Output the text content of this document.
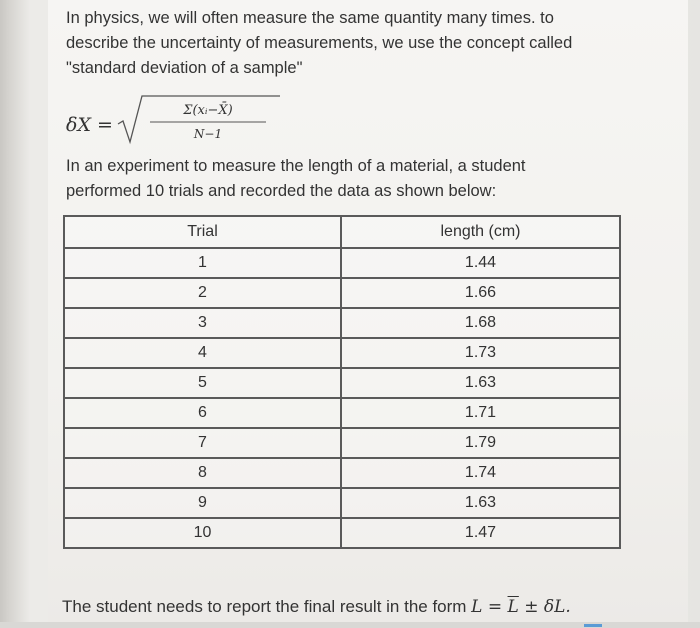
In physics, we will often measure the same quantity many times. to

describe the uncertainty of measurements, we use the concept called

"standard deviation of a sample"

δX =
Σ(xᵢ−X̄)
N−1

In an experiment to measure the length of a material, a student

performed 10 trials and recorded the data as shown below:

Trial	length (cm)
1	1.44
2	1.66
3	1.68
4	1.73
5	1.63
6	1.71
7	1.79
8	1.74
9	1.63
10	1.47
The student needs to report the final result in the form $L = \overline{L} \pm \delta L$.
